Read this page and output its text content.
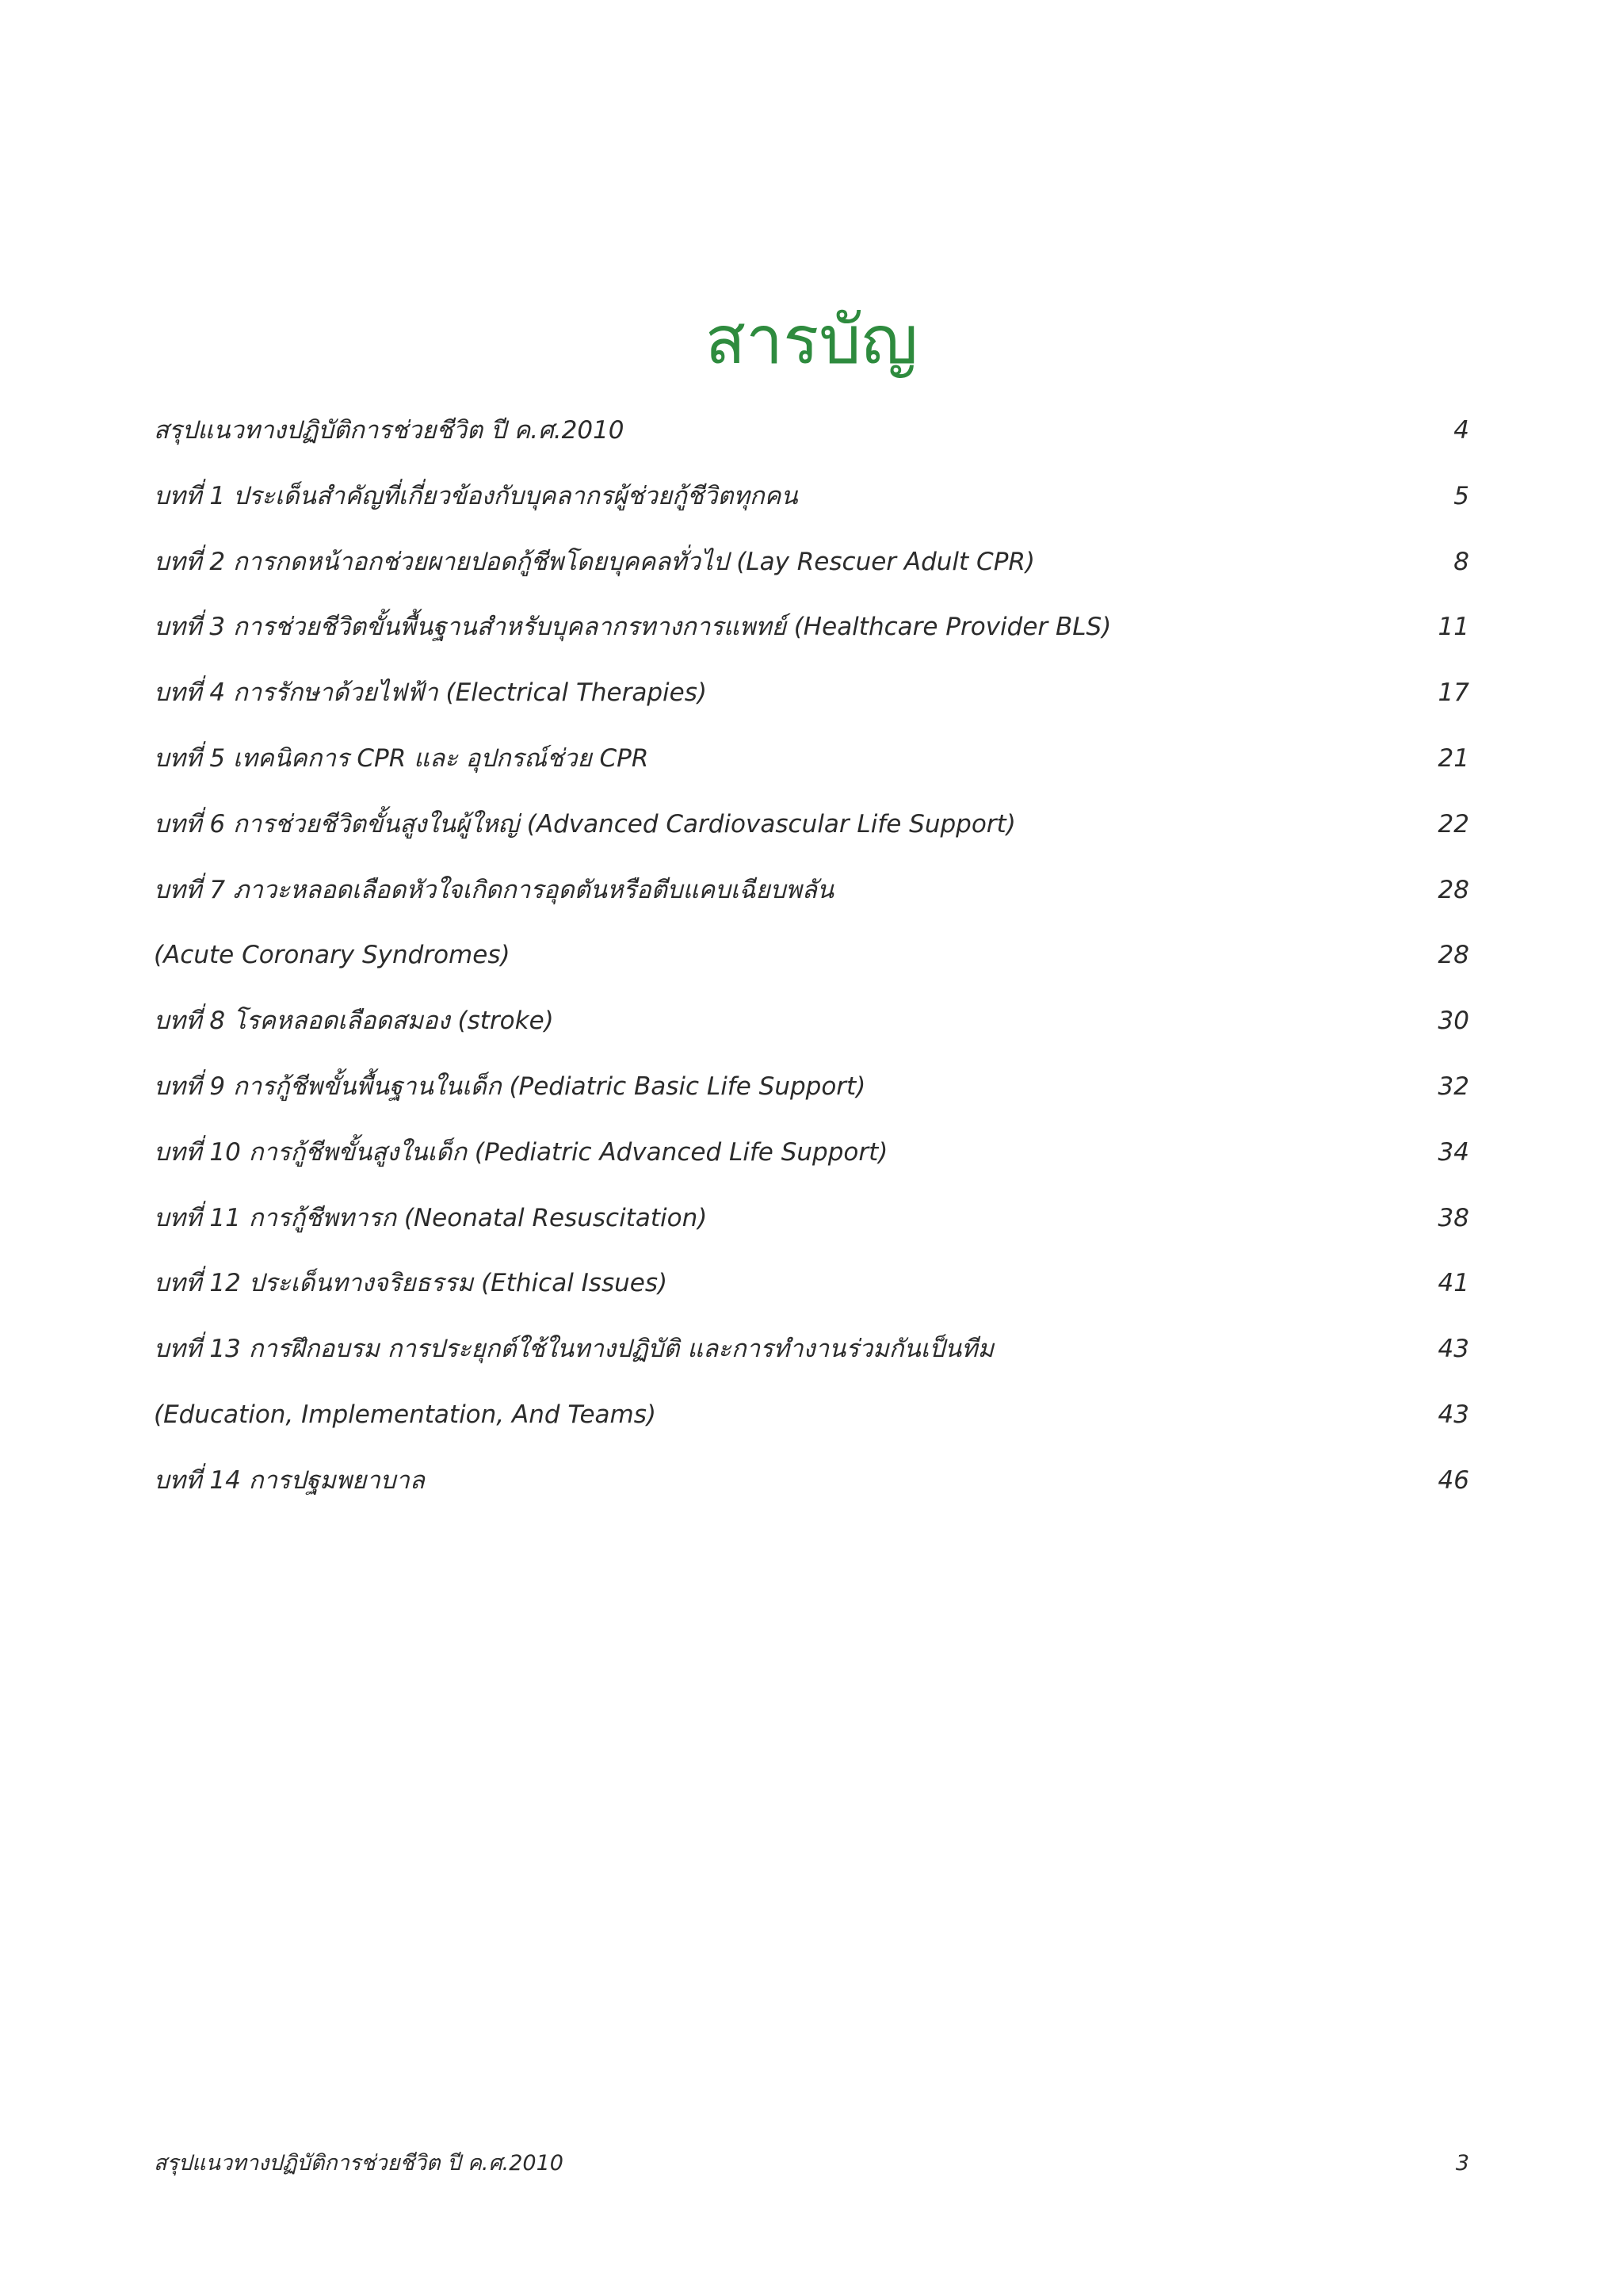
สารบัญ
สรุปแนวทางปฏิบัติการช่วยชีวิต ปี ค.ศ.2010	4
บทที่ 1 ประเด็นสำคัญที่เกี่ยวข้องกับบุคลากรผู้ช่วยกู้ชีวิตทุกคน	5
บทที่ 2 การกดหน้าอกช่วยผายปอดกู้ชีพโดยบุคคลทั่วไป (Lay Rescuer Adult CPR)	8
บทที่ 3 การช่วยชีวิตขั้นพื้นฐานสำหรับบุคลากรทางการแพทย์ (Healthcare Provider BLS)	11
บทที่ 4 การรักษาด้วยไฟฟ้า (Electrical Therapies)	17
บทที่ 5 เทคนิคการ CPR และ อุปกรณ์ช่วย CPR	21
บทที่ 6 การช่วยชีวิตขั้นสูงในผู้ใหญ่ (Advanced Cardiovascular Life Support)	22
บทที่ 7 ภาวะหลอดเลือดหัวใจเกิดการอุดตันหรือตีบแคบเฉียบพลัน	28
(Acute Coronary Syndromes)	28
บทที่ 8 โรคหลอดเลือดสมอง (stroke)	30
บทที่ 9 การกู้ชีพขั้นพื้นฐานในเด็ก (Pediatric Basic Life Support)	32
บทที่ 10 การกู้ชีพขั้นสูงในเด็ก (Pediatric Advanced Life Support)	34
บทที่ 11 การกู้ชีพทารก (Neonatal Resuscitation)	38
บทที่ 12 ประเด็นทางจริยธรรม (Ethical Issues)	41
บทที่ 13 การฝึกอบรม การประยุกต์ใช้ในทางปฏิบัติ และการทำงานร่วมกันเป็นทีม	43
(Education, Implementation, And Teams)	43
บทที่ 14 การปฐมพยาบาล	46
สรุปแนวทางปฏิบัติการช่วยชีวิต ปี ค.ศ.2010	3
